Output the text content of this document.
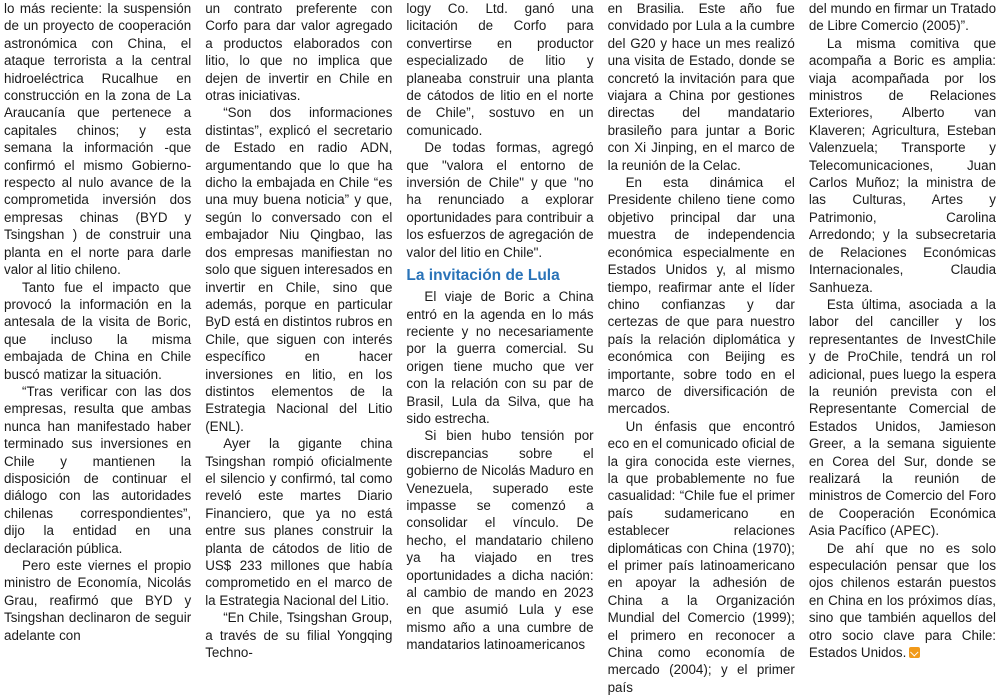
lo más reciente: la suspensión de un proyecto de cooperación astronómica con China, el ataque terrorista a la central hidroeléctrica Rucalhue en construcción en la zona de La Araucanía que pertenece a capitales chinos; y esta semana la información -que confirmó el mismo Gobierno- respecto al nulo avance de la comprometida inversión dos empresas chinas (BYD y Tsingshan ) de construir una planta en el norte para darle valor al litio chileno.

Tanto fue el impacto que provocó la información en la antesala de la visita de Boric, que incluso la misma embajada de China en Chile buscó matizar la situación.

“Tras verificar con las dos empresas, resulta que ambas nunca han manifestado haber terminado sus inversiones en Chile y mantienen la disposición de continuar el diálogo con las autoridades chilenas correspondientes”, dijo la entidad en una declaración pública.

Pero este viernes el propio ministro de Economía, Nicolás Grau, reafirmó que BYD y Tsingshan declinaron de seguir adelante con

un contrato preferente con Corfo para dar valor agregado a productos elaborados con litio, lo que no implica que dejen de invertir en Chile en otras iniciativas.

“Son dos informaciones distintas”, explicó el secretario de Estado en radio ADN, argumentando que lo que ha dicho la embajada en Chile “es una muy buena noticia” y que, según lo conversado con el embajador Niu Qingbao, las dos empresas manifiestan no solo que siguen interesados en invertir en Chile, sino que además, porque en particular ByD está en distintos rubros en Chile, que siguen con interés específico en hacer inversiones en litio, en los distintos elementos de la Estrategia Nacional del Litio (ENL).

Ayer la gigante china Tsingshan rompió oficialmente el silencio y confirmó, tal como reveló este martes Diario Financiero, que ya no está entre sus planes construir la planta de cátodos de litio de US$ 233 millones que había comprometido en el marco de la Estrategia Nacional del Litio.

“En Chile, Tsingshan Group, a través de su filial Yongqing Techno-

logy Co. Ltd. ganó una licitación de Corfo para convertirse en productor especializado de litio y planeaba construir una planta de cátodos de litio en el norte de Chile”, sostuvo en un comunicado.

De todas formas, agregó que "valora el entorno de inversión de Chile" y que "no ha renunciado a explorar oportunidades para contribuir a los esfuerzos de agregación de valor del litio en Chile".

La invitación de Lula

El viaje de Boric a China entró en la agenda en lo más reciente y no necesariamente por la guerra comercial. Su origen tiene mucho que ver con la relación con su par de Brasil, Lula da Silva, que ha sido estrecha.

Si bien hubo tensión por discrepancias sobre el gobierno de Nicolás Maduro en Venezuela, superado este impasse se comenzó a consolidar el vínculo. De hecho, el mandatario chileno ya ha viajado en tres oportunidades a dicha nación: al cambio de mando en 2023 en que asumió Lula y ese mismo año a una cumbre de mandatarios latinoamericanos

en Brasilia. Este año fue convidado por Lula a la cumbre del G20 y hace un mes realizó una visita de Estado, donde se concretó la invitación para que viajara a China por gestiones directas del mandatario brasileño para juntar a Boric con Xi Jinping, en el marco de la reunión de la Celac.

En esta dinámica el Presidente chileno tiene como objetivo principal dar una muestra de independencia económica especialmente en Estados Unidos y, al mismo tiempo, reafirmar ante el líder chino confianzas y dar certezas de que para nuestro país la relación diplomática y económica con Beijing es importante, sobre todo en el marco de diversificación de mercados.

Un énfasis que encontró eco en el comunicado oficial de la gira conocida este viernes, la que probablemente no fue casualidad: “Chile fue el primer país sudamericano en establecer relaciones diplomáticas con China (1970); el primer país latinoamericano en apoyar la adhesión de China a la Organización Mundial del Comercio (1999); el primero en reconocer a China como economía de mercado (2004); y el primer país

del mundo en firmar un Tratado de Libre Comercio (2005)”.

La misma comitiva que acompaña a Boric es amplia: viaja acompañada por los ministros de Relaciones Exteriores, Alberto van Klaveren; Agricultura, Esteban Valenzuela; Transporte y Telecomunicaciones, Juan Carlos Muñoz; la ministra de las Culturas, Artes y Patrimonio, Carolina Arredondo; y la subsecretaria de Relaciones Económicas Internacionales, Claudia Sanhueza.

Esta última, asociada a la labor del canciller y los representantes de InvestChile y de ProChile, tendrá un rol adicional, pues luego la espera la reunión prevista con el Representante Comercial de Estados Unidos, Jamieson Greer, a la semana siguiente en Corea del Sur, donde se realizará la reunión de ministros de Comercio del Foro de Cooperación Económica Asia Pacífico (APEC).

De ahí que no es solo especulación pensar que los ojos chilenos estarán puestos en China en los próximos días, sino que también aquellos del otro socio clave para Chile: Estados Unidos.
